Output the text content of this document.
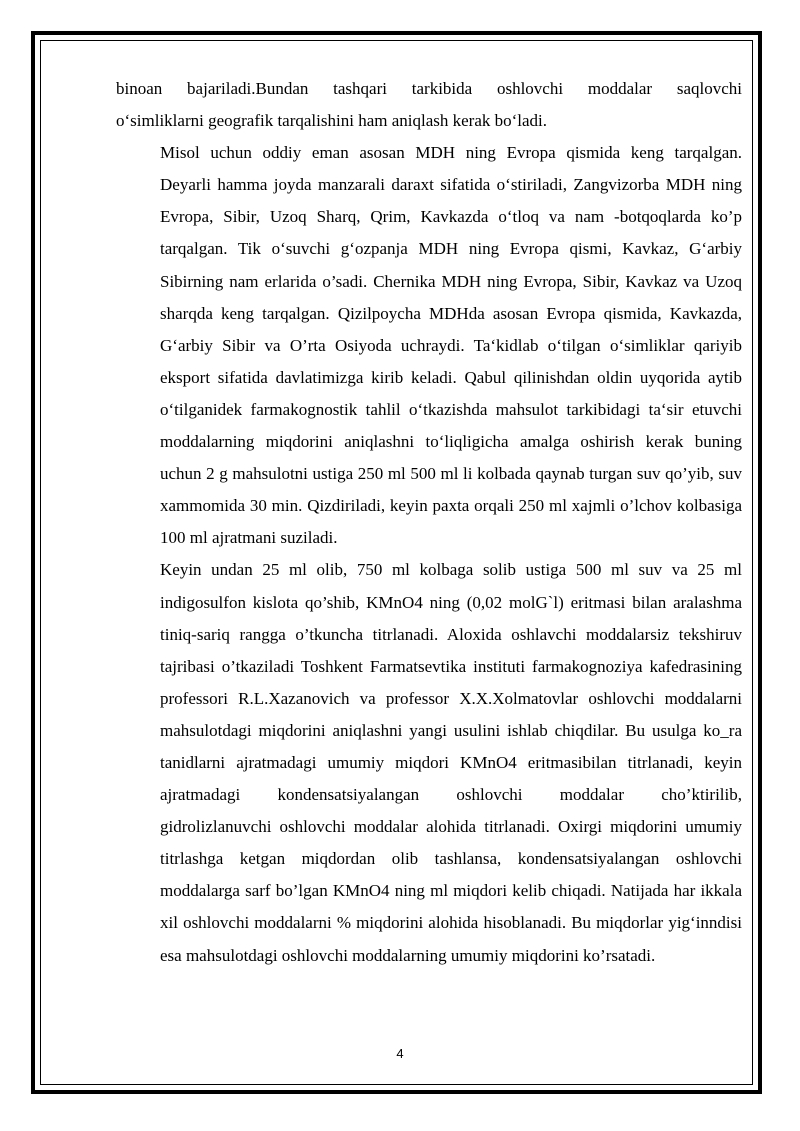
binoan bajariladi.Bundan tashqari tarkibida oshlovchi moddalar saqlovchi
o‘simliklarni geografik tarqalishini ham aniqlash kerak bo‘ladi.

Misol uchun oddiy eman asosan MDH ning Evropa qismida keng tarqalgan.
Deyarli hamma joyda manzarali daraxt sifatida o‘stiriladi, Zangvizorba MDH ning
Evropa, Sibir, Uzoq Sharq, Qrim, Kavkazda o‘tloq va nam -botqoqlarda ko’p
tarqalgan. Tik o‘suvchi g‘ozpanja MDH ning Evropa qismi, Kavkaz, G‘arbiy
Sibirning nam erlarida o’sadi. Chernika MDH ning Evropa, Sibir, Kavkaz va Uzoq
sharqda keng tarqalgan. Qizilpoycha MDHda asosan Evropa qismida, Kavkazda,
G‘arbiy Sibir va O’rta Osiyoda uchraydi. Ta‘kidlab o‘tilgan o‘simliklar qariyib
eksport sifatida davlatimizga kirib keladi. Qabul qilinishdan oldin uyqorida aytib
o‘tilganidek farmakognostik tahlil o‘tkazishda mahsulot tarkibidagi ta‘sir etuvchi
moddalarning miqdorini aniqlashni to‘liqligicha amalga oshirish kerak buning
uchun 2 g mahsulotni ustiga 250 ml 500 ml li kolbada qaynab turgan suv qo’yib, suv
xammomida 30 min. Qizdiriladi, keyin paxta orqali 250 ml xajmli o’lchov kolbasiga
100 ml ajratmani suziladi.

Keyin undan 25 ml olib, 750 ml kolbaga solib ustiga 500 ml suv va 25 ml
indigosulfon kislota qo’shib, KMnO4 ning (0,02 molG`l) eritmasi bilan aralashma
tiniq-sariq rangga o’tkuncha titrlanadi. Aloxida oshlavchi moddalarsiz tekshiruv
tajribasi o’tkaziladi Toshkent Farmatsevtika instituti farmakognoziya kafedrasining
professori R.L.Xazanovich va professor X.X.Xolmatovlar oshlovchi moddalarni
mahsulotdagi miqdorini aniqlashni yangi usulini ishlab chiqdilar. Bu usulga ko_ra
tanidlarni ajratmadagi umumiy miqdori KMnO4 eritmasibilan titrlanadi, keyin
ajratmadagi kondensatsiyalangan oshlovchi moddalar cho’ktirilib,
gidrolizlanuvchi oshlovchi moddalar alohida titrlanadi. Oxirgi miqdorini umumiy
titrlashga ketgan miqdordan olib tashlansa, kondensatsiyalangan oshlovchi
moddalarga sarf bo’lgan KMnO4 ning ml miqdori kelib chiqadi. Natijada har ikkala
xil oshlovchi moddalarni % miqdorini alohida hisoblanadi. Bu miqdorlar yig‘inndisi
esa mahsulotdagi oshlovchi moddalarning umumiy miqdorini ko’rsatadi.

4
